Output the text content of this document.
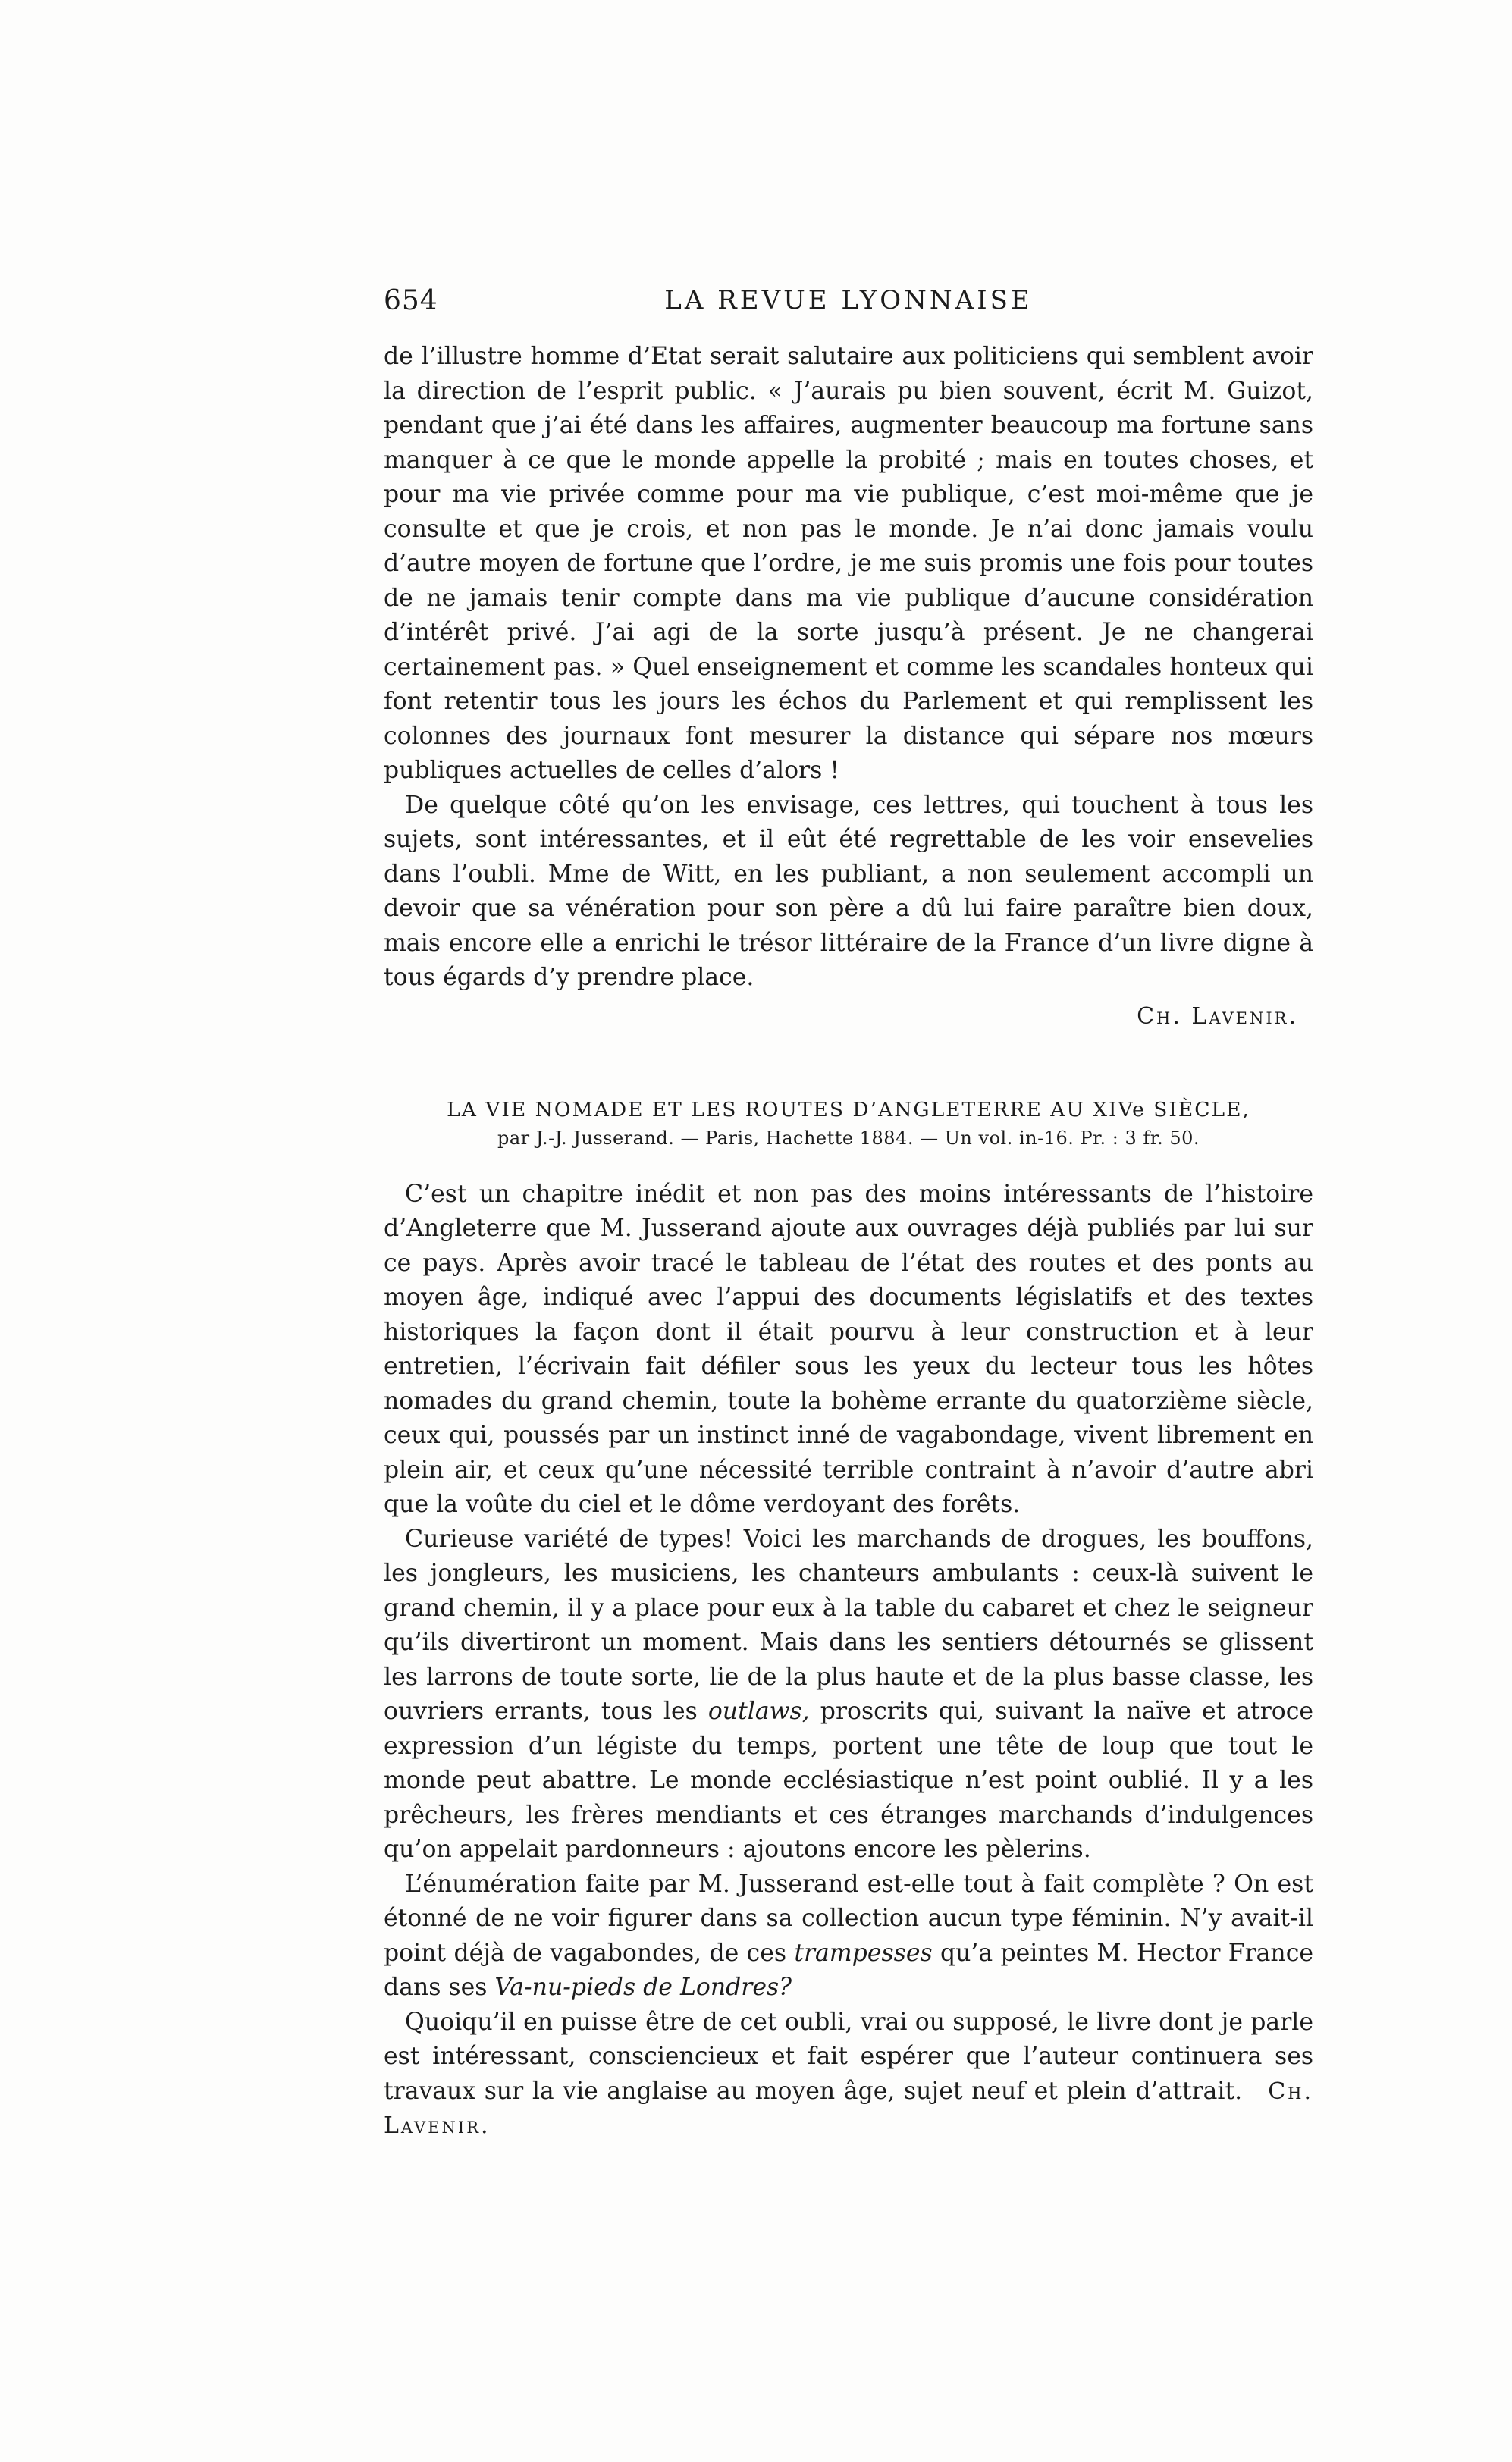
654	LA REVUE LYONNAISE

de l’illustre homme d’Etat serait salutaire aux politiciens qui semblent avoir la direction de l’esprit public. « J’aurais pu bien souvent, écrit M. Guizot, pendant que j’ai été dans les affaires, augmenter beaucoup ma fortune sans manquer à ce que le monde appelle la probité ; mais en toutes choses, et pour ma vie privée comme pour ma vie publique, c’est moi-même que je consulte et que je crois, et non pas le monde. Je n’ai donc jamais voulu d’autre moyen de fortune que l’ordre, je me suis promis une fois pour toutes de ne jamais tenir compte dans ma vie publique d’aucune considération d’intérêt privé. J’ai agi de la sorte jusqu’à présent. Je ne changerai certainement pas. » Quel enseignement et comme les scandales honteux qui font retentir tous les jours les échos du Parlement et qui remplissent les colonnes des journaux font mesurer la distance qui sépare nos mœurs publiques actuelles de celles d’alors !

De quelque côté qu’on les envisage, ces lettres, qui touchent à tous les sujets, sont intéressantes, et il eût été regrettable de les voir ensevelies dans l’oubli. Mme de Witt, en les publiant, a non seulement accompli un devoir que sa vénération pour son père a dû lui faire paraître bien doux, mais encore elle a enrichi le trésor littéraire de la France d’un livre digne à tous égards d’y prendre place.

Ch. Lavenir.
LA VIE NOMADE ET LES ROUTES D’ANGLETERRE AU XIVe SIÈCLE,
par J.-J. Jusserand. — Paris, Hachette 1884. — Un vol. in-16. Pr. : 3 fr. 50.

C’est un chapitre inédit et non pas des moins intéressants de l’histoire d’Angleterre que M. Jusserand ajoute aux ouvrages déjà publiés par lui sur ce pays. Après avoir tracé le tableau de l’état des routes et des ponts au moyen âge, indiqué avec l’appui des documents législatifs et des textes historiques la façon dont il était pourvu à leur construction et à leur entretien, l’écrivain fait défiler sous les yeux du lecteur tous les hôtes nomades du grand chemin, toute la bohème errante du quatorzième siècle, ceux qui, poussés par un instinct inné de vagabondage, vivent librement en plein air, et ceux qu’une nécessité terrible contraint à n’avoir d’autre abri que la voûte du ciel et le dôme verdoyant des forêts.

Curieuse variété de types! Voici les marchands de drogues, les bouffons, les jongleurs, les musiciens, les chanteurs ambulants : ceux-là suivent le grand chemin, il y a place pour eux à la table du cabaret et chez le seigneur qu’ils divertiront un moment. Mais dans les sentiers détournés se glissent les larrons de toute sorte, lie de la plus haute et de la plus basse classe, les ouvriers errants, tous les outlaws, proscrits qui, suivant la naïve et atroce expression d’un légiste du temps, portent une tête de loup que tout le monde peut abattre. Le monde ecclésiastique n’est point oublié. Il y a les prêcheurs, les frères mendiants et ces étranges marchands d’indulgences qu’on appelait pardonneurs : ajoutons encore les pèlerins.

L’énumération faite par M. Jusserand est-elle tout à fait complète ? On est étonné de ne voir figurer dans sa collection aucun type féminin. N’y avait-il point déjà de vagabondes, de ces trampesses qu’a peintes M. Hector France dans ses Va-nu-pieds de Londres?

Quoiqu’il en puisse être de cet oubli, vrai ou supposé, le livre dont je parle est intéressant, consciencieux et fait espérer que l’auteur continuera ses travaux sur la vie anglaise au moyen âge, sujet neuf et plein d’attrait. Ch. Lavenir.
